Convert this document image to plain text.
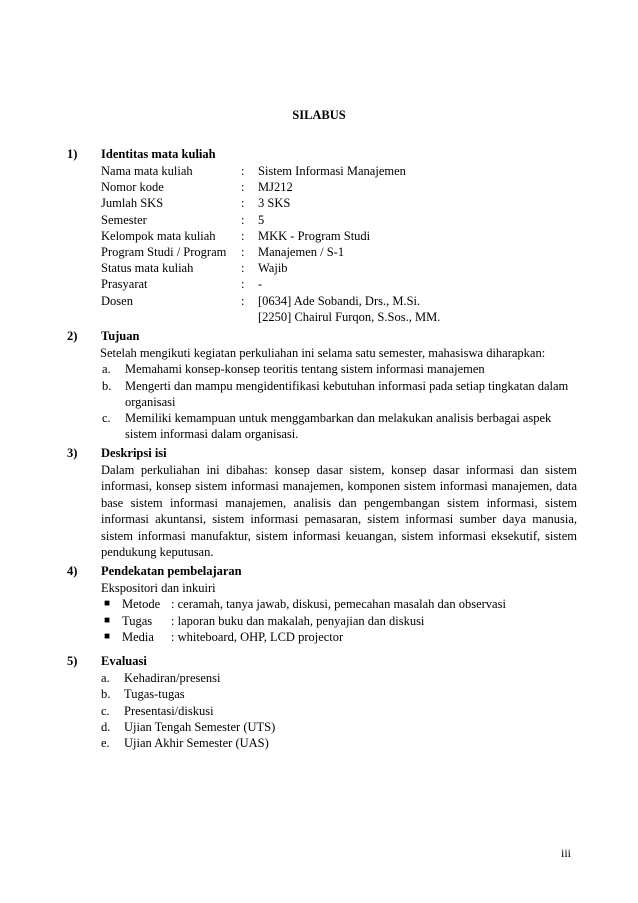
SILABUS
1) Identitas mata kuliah
Nama mata kuliah	: Sistem Informasi Manajemen
Nomor kode	: MJ212
Jumlah SKS	: 3 SKS
Semester	: 5
Kelompok mata kuliah : MKK - Program Studi
Program Studi / Program : Manajemen / S-1
Status mata kuliah	: Wajib
Prasyarat	: -
Dosen	: [0634] Ade Sobandi, Drs., M.Si.
[2250] Chairul Furqon, S.Sos., MM.
2) Tujuan
Setelah mengikuti kegiatan perkuliahan ini selama satu semester, mahasiswa diharapkan:
a. Memahami konsep-konsep teoritis tentang sistem informasi manajemen
b. Mengerti dan mampu mengidentifikasi kebutuhan informasi pada setiap tingkatan dalam organisasi
c. Memiliki kemampuan untuk menggambarkan dan melakukan analisis berbagai aspek sistem informasi dalam organisasi.
3) Deskripsi isi
Dalam perkuliahan ini dibahas: konsep dasar sistem, konsep dasar informasi dan sistem informasi, konsep sistem informasi manajemen, komponen sistem informasi manajemen, data base sistem informasi manajemen, analisis dan pengembangan sistem informasi, sistem informasi akuntansi, sistem informasi pemasaran, sistem informasi sumber daya manusia, sistem informasi manufaktur, sistem informasi keuangan, sistem informasi eksekutif, sistem pendukung keputusan.
4) Pendekatan pembelajaran
Ekspositori dan inkuiri
■ Metode : ceramah, tanya jawab, diskusi, pemecahan masalah dan observasi
■ Tugas : laporan buku dan makalah, penyajian dan diskusi
■ Media : whiteboard, OHP, LCD projector
5) Evaluasi
a. Kehadiran/presensi
b. Tugas-tugas
c. Presentasi/diskusi
d. Ujian Tengah Semester (UTS)
e. Ujian Akhir Semester (UAS)
iii
